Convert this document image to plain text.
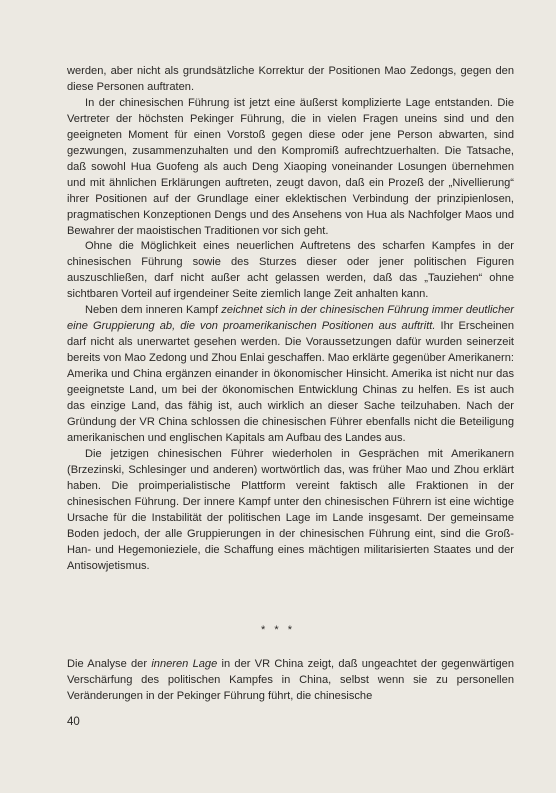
werden, aber nicht als grundsätzliche Korrektur der Positionen Mao Zedongs, gegen den diese Personen auftraten.

In der chinesischen Führung ist jetzt eine äußerst komplizierte Lage entstanden. Die Vertreter der höchsten Pekinger Führung, die in vielen Fragen uneins sind und den geeigneten Moment für einen Vorstoß gegen diese oder jene Person abwarten, sind gezwungen, zusammenzuhalten und den Kompromiß aufrechtzuerhalten. Die Tatsache, daß sowohl Hua Guofeng als auch Deng Xiaoping voneinander Losungen übernehmen und mit ähnlichen Erklärungen auftreten, zeugt davon, daß ein Prozeß der „Nivellierung“ ihrer Positionen auf der Grundlage einer eklektischen Verbindung der prinzipienlosen, pragmatischen Konzeptionen Dengs und des Ansehens von Hua als Nachfolger Maos und Bewahrer der maoistischen Traditionen vor sich geht.

Ohne die Möglichkeit eines neuerlichen Auftretens des scharfen Kampfes in der chinesischen Führung sowie des Sturzes dieser oder jener politischen Figuren auszuschließen, darf nicht außer acht gelassen werden, daß das „Tauziehen“ ohne sichtbaren Vorteil auf irgendeiner Seite ziemlich lange Zeit anhalten kann.

Neben dem inneren Kampf zeichnet sich in der chinesischen Führung immer deutlicher eine Gruppierung ab, die von proamerikanischen Positionen aus auftritt. Ihr Erscheinen darf nicht als unerwartet gesehen werden. Die Voraussetzungen dafür wurden seinerzeit bereits von Mao Zedong und Zhou Enlai geschaffen. Mao erklärte gegenüber Amerikanern: Amerika und China ergänzen einander in ökonomischer Hinsicht. Amerika ist nicht nur das geeignetste Land, um bei der ökonomischen Entwicklung Chinas zu helfen. Es ist auch das einzige Land, das fähig ist, auch wirklich an dieser Sache teilzuhaben. Nach der Gründung der VR China schlossen die chinesischen Führer ebenfalls nicht die Beteiligung amerikanischen und englischen Kapitals am Aufbau des Landes aus.

Die jetzigen chinesischen Führer wiederholen in Gesprächen mit Amerikanern (Brzezinski, Schlesinger und anderen) wortwörtlich das, was früher Mao und Zhou erklärt haben. Die proimperialistische Plattform vereint faktisch alle Fraktionen in der chinesischen Führung. Der innere Kampf unter den chinesischen Führern ist eine wichtige Ursache für die Instabilität der politischen Lage im Lande insgesamt. Der gemeinsame Boden jedoch, der alle Gruppierungen in der chinesischen Führung eint, sind die Groß-Han- und Hegemonieziele, die Schaffung eines mächtigen militarisierten Staates und der Antisowjetismus.

* * *

Die Analyse der inneren Lage in der VR China zeigt, daß ungeachtet der gegenwärtigen Verschärfung des politischen Kampfes in China, selbst wenn sie zu personellen Veränderungen in der Pekinger Führung führt, die chinesische

40
